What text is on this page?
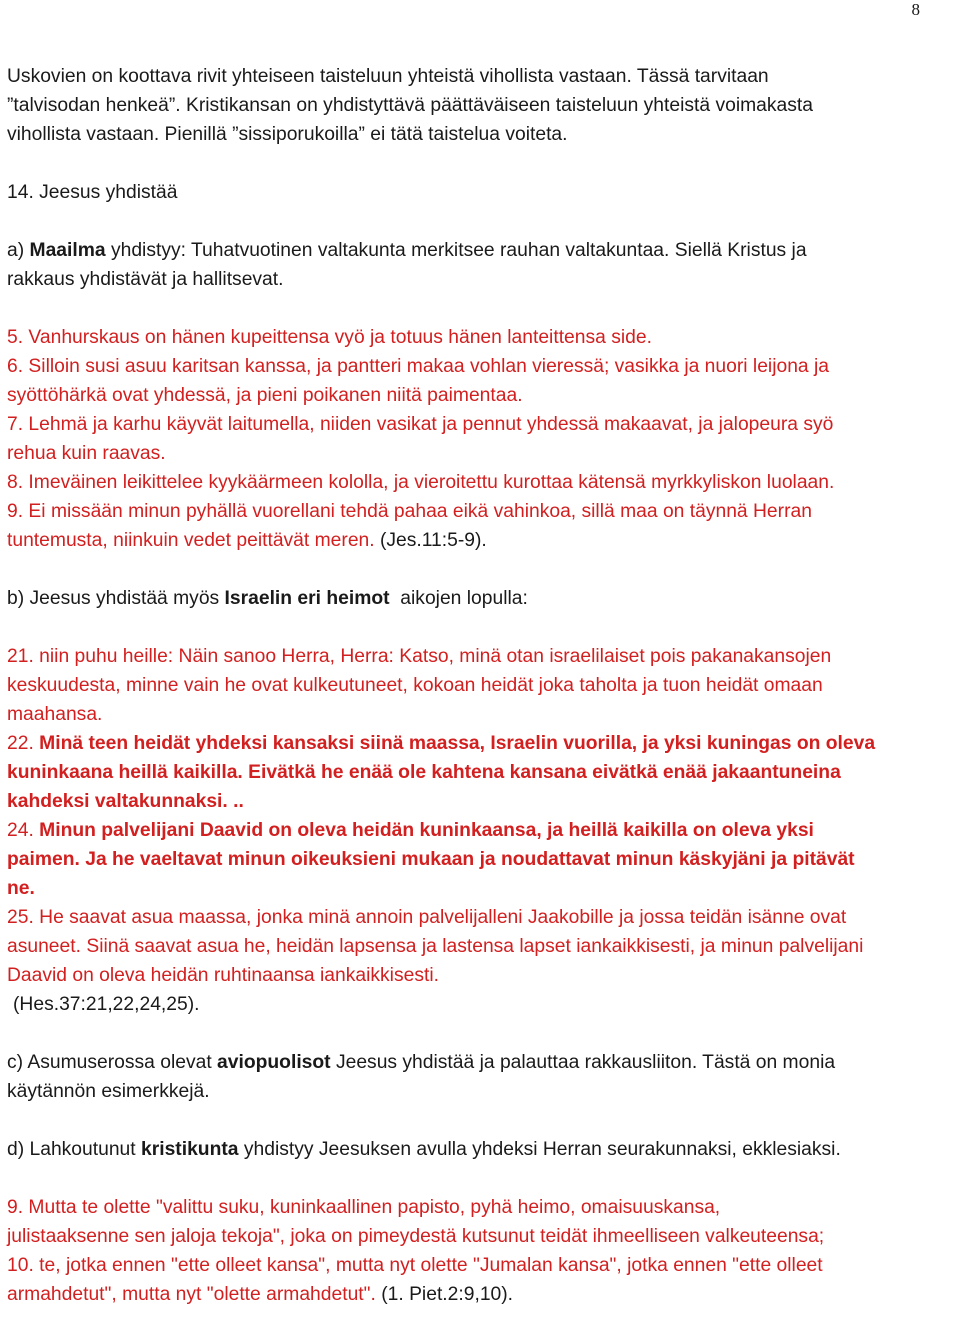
8

Uskovien on koottava rivit yhteiseen taisteluun yhteistä vihollista vastaan. Tässä tarvitaan

”talvisodan henkeä”. Kristikansan on yhdistyttävä päättäväiseen taisteluun yhteistä voimakasta

vihollista vastaan. Pienillä ”sissiporukoilla” ei tätä taistelua voiteta.

14. Jeesus yhdistää

a) Maailma yhdistyy: Tuhatvuotinen valtakunta merkitsee rauhan valtakuntaa. Siellä Kristus ja

rakkaus yhdistävät ja hallitsevat.

5. Vanhurskaus on hänen kupeittensa vyö ja totuus hänen lanteittensa side.

6. Silloin susi asuu karitsan kanssa, ja pantteri makaa vohlan vieressä; vasikka ja nuori leijona ja

syöttöhärkä ovat yhdessä, ja pieni poikanen niitä paimentaa.

7. Lehmä ja karhu käyvät laitumella, niiden vasikat ja pennut yhdessä makaavat, ja jalopeura syö

rehua kuin raavas.

8. Imeväinen leikittelee kyykäärmeen kololla, ja vieroitettu kurottaa kätensä myrkkyliskon luolaan.

9. Ei missään minun pyhällä vuorellani tehdä pahaa eikä vahinkoa, sillä maa on täynnä Herran

tuntemusta, niinkuin vedet peittävät meren. (Jes.11:5-9).

b) Jeesus yhdistää myös Israelin eri heimot  aikojen lopulla:

21. niin puhu heille: Näin sanoo Herra, Herra: Katso, minä otan israelilaiset pois pakanakansojen

keskuudesta, minne vain he ovat kulkeutuneet, kokoan heidät joka taholta ja tuon heidät omaan

maahansa.

22. Minä teen heidät yhdeksi kansaksi siinä maassa, Israelin vuorilla, ja yksi kuningas on oleva

kuninkaana heillä kaikilla. Eivätkä he enää ole kahtena kansana eivätkä enää jakaantuneina

kahdeksi valtakunnaksi. ..

24. Minun palvelijani Daavid on oleva heidän kuninkaansa, ja heillä kaikilla on oleva yksi

paimen. Ja he vaeltavat minun oikeuksieni mukaan ja noudattavat minun käskyjäni ja pitävät

ne.

25. He saavat asua maassa, jonka minä annoin palvelijalleni Jaakobille ja jossa teidän isänne ovat

asuneet. Siinä saavat asua he, heidän lapsensa ja lastensa lapset iankaikkisesti, ja minun palvelijani

Daavid on oleva heidän ruhtinaansa iankaikkisesti.

(Hes.37:21,22,24,25).

c) Asumuserossa olevat aviopuolisot Jeesus yhdistää ja palauttaa rakkausliiton. Tästä on monia

käytännön esimerkkejä.

d) Lahkoutunut kristikunta yhdistyy Jeesuksen avulla yhdeksi Herran seurakunnaksi, ekklesiaksi.

9. Mutta te olette "valittu suku, kuninkaallinen papisto, pyhä heimo, omaisuuskansa,

julistaaksenne sen jaloja tekoja", joka on pimeydestä kutsunut teidät ihmeelliseen valkeuteensa;

10. te, jotka ennen "ette olleet kansa", mutta nyt olette "Jumalan kansa", jotka ennen "ette olleet

armahdetut", mutta nyt "olette armahdetut". (1. Piet.2:9,10).
